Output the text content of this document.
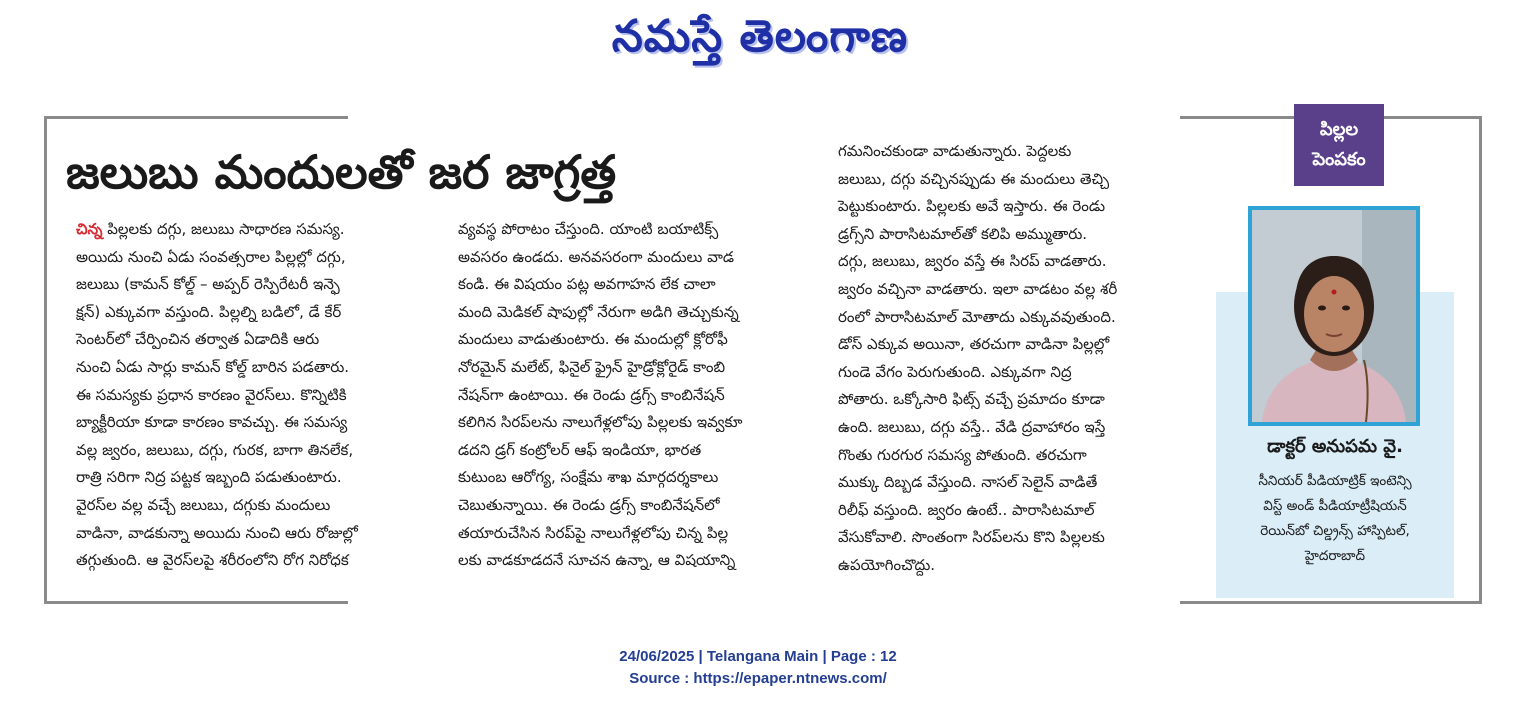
నమస్తే తెలంగాణ
జలుబు మందులతో జర జాగ్రత్త

చిన్న పిల్లలకు దగ్గు, జలుబు సాధారణ సమస్య.

అయిదు నుంచి ఏడు సంవత్సరాల పిల్లల్లో దగ్గు,

జలుబు (కామన్ కోల్డ్ – అప్పర్ రెస్పిరేటరీ ఇన్ఫె

క్షన్) ఎక్కువగా వస్తుంది. పిల్లల్ని బడిలో, డే కేర్

సెంటర్‌లో చేర్పించిన తర్వాత ఏడాదికి ఆరు

నుంచి ఏడు సార్లు కామన్ కోల్డ్ బారిన పడతారు.

ఈ సమస్యకు ప్రధాన కారణం వైరస్‌లు. కొన్నిటికి

బ్యాక్టీరియా కూడా కారణం కావచ్చు. ఈ సమస్య

వల్ల జ్వరం, జలుబు, దగ్గు, గురక, బాగా తినలేక,

రాత్రి సరిగా నిద్ర పట్టక ఇబ్బంది పడుతుంటారు.

వైరస్‌ల వల్ల వచ్చే జలుబు, దగ్గుకు మందులు

వాడినా, వాడకున్నా అయిదు నుంచి ఆరు రోజుల్లో

తగ్గుతుంది. ఆ వైరస్‌లపై శరీరంలోని రోగ నిరోధక

వ్యవస్థ పోరాటం చేస్తుంది. యాంటి బయాటిక్స్

అవసరం ఉండదు. అనవసరంగా మందులు వాడ

కండి. ఈ విషయం పట్ల అవగాహన లేక చాలా

మంది మెడికల్ షాపుల్లో నేరుగా అడిగి తెచ్చుకున్న

మందులు వాడుతుంటారు. ఈ మందుల్లో క్లోరోఫీ

నోరమైన్ మలేట్, ఫినైల్ ఫ్రైన్ హైడ్రోక్లోరైడ్ కాంబి

నేషన్‌గా ఉంటాయి. ఈ రెండు డ్రగ్స్ కాంబినేషన్

కలిగిన సిరప్‌లను నాలుగేళ్లలోపు పిల్లలకు ఇవ్వకూ

డదని డ్రగ్ కంట్రోలర్ ఆఫ్ ఇండియా, భారత

కుటుంబ ఆరోగ్య, సంక్షేమ శాఖ మార్గదర్శకాలు

చెబుతున్నాయి. ఈ రెండు డ్రగ్స్ కాంబినేషన్‌లో

తయారుచేసిన సిరప్‌పై నాలుగేళ్లలోపు చిన్న పిల్ల

లకు వాడకూడదనే సూచన ఉన్నా, ఆ విషయాన్ని

గమనించకుండా వాడుతున్నారు. పెద్దలకు

జలుబు, దగ్గు వచ్చినప్పుడు ఈ మందులు తెచ్చి

పెట్టుకుంటారు. పిల్లలకు అవే ఇస్తారు. ఈ రెండు

డ్రగ్స్‌ని పారాసిటమాల్‌తో కలిపి అమ్ముతారు.

దగ్గు, జలుబు, జ్వరం వస్తే ఈ సిరప్ వాడతారు.

జ్వరం వచ్చినా వాడతారు. ఇలా వాడటం వల్ల శరీ

రంలో పారాసిటమాల్ మోతాదు ఎక్కువవుతుంది.

డోస్ ఎక్కువ అయినా, తరచుగా వాడినా పిల్లల్లో

గుండె వేగం పెరుగుతుంది. ఎక్కువగా నిద్ర

పోతారు. ఒక్కోసారి ఫిట్స్ వచ్చే ప్రమాదం కూడా

ఉంది. జలుబు, దగ్గు వస్తే.. వేడి ద్రవాహారం ఇస్తే

గొంతు గురగుర సమస్య పోతుంది. తరచుగా

ముక్కు దిబ్బడ వేస్తుంది. నాసల్ సెలైన్ వాడితే

రిలీఫ్ వస్తుంది. జ్వరం ఉంటే.. పారాసిటమాల్

వేసుకోవాలి. సొంతంగా సిరప్‌లను కొని పిల్లలకు

ఉపయోగించొద్దు.

పిల్లల
పెంపకం
డాక్టర్ అనుపమ వై.

సీనియర్ పీడియాట్రిక్ ఇంటెన్సి

విస్ట్ అండ్ పీడియాట్రీషియన్

రెయిన్‌బో చిల్డ్రన్స్ హాస్పిటల్,

హైదరాబాద్

24/06/2025 | Telangana Main | Page : 12
Source : https://epaper.ntnews.com/
